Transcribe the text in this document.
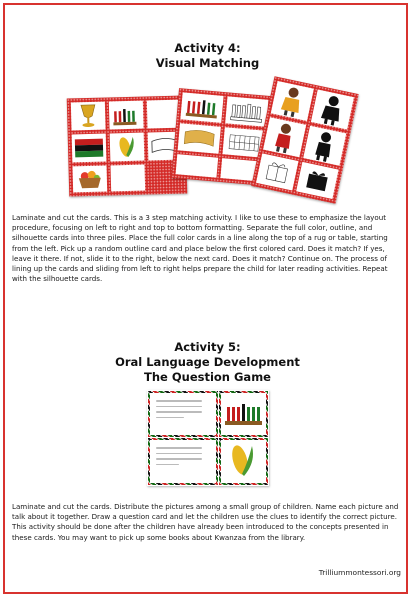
Activity 4:
Visual Matching
Laminate and cut the cards. This is a 3 step matching activity. I like to use these to emphasize the layout procedure, focusing on left to right and top to bottom formatting. Separate the full color, outline, and silhouette cards into three piles. Place the full color cards in a line along the top of a rug or table, starting from the left. Pick up a random outline card and place below the first colored card. Does it match? If yes, leave it there. If not, slide it to the right, below the next card. Does it match? Continue on. The process of lining up the cards and sliding from left to right helps prepare the child for later reading activities. Repeat with the silhouette cards.
Activity 5:
Oral Language Development
The Question Game
Laminate and cut the cards. Distribute the pictures among a small group of children. Name each picture and talk about it together. Draw a question card and let the children use the clues to identify the correct picture. This activity should be done after the children have already been introduced to the concepts presented in these cards. You may want to pick up some books about Kwanzaa from the library.
Trilliummontessori.org
